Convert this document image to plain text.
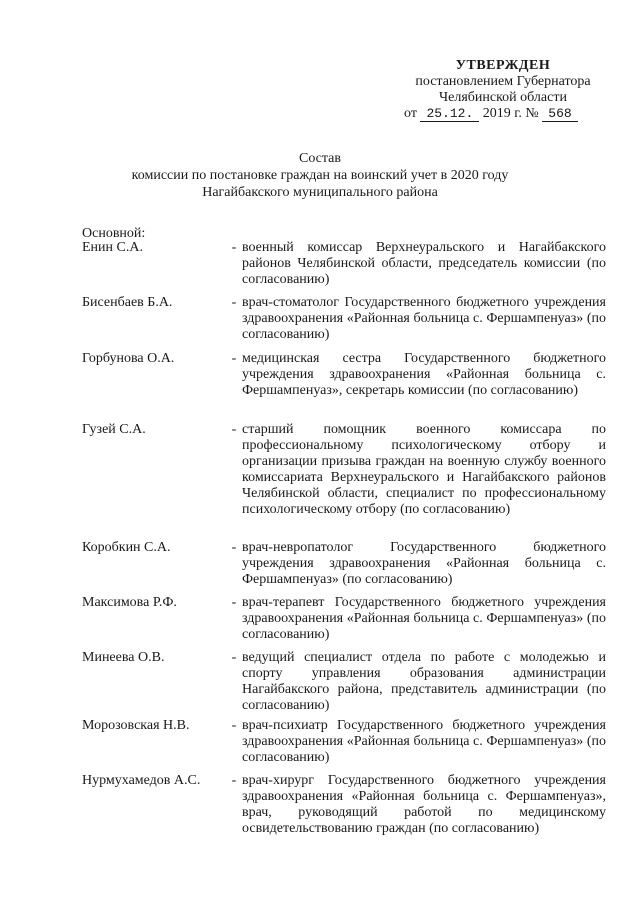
УТВЕРЖДЕН
постановлением Губернатора
Челябинской области
от 25.12. 2019 г. № 568
Состав
комиссии по постановке граждан на воинский учет в 2020 году
Нагайбакского муниципального района
Основной:
Енин С.А.	- военный комиссар Верхнеуральского и Нагайбакского районов Челябинской области, председатель комиссии (по согласованию)
Бисенбаев Б.А.	- врач-стоматолог Государственного бюджетного учреждения здравоохранения «Районная больница с. Фершампенуаз» (по согласованию)
Горбунова О.А.	- медицинская сестра Государственного бюджетного учреждения здравоохранения «Районная больница с. Фершампенуаз», секретарь комиссии (по согласованию)
Гузей С.А.	- старший помощник военного комиссара по профессиональному психологическому отбору и организации призыва граждан на военную службу военного комиссариата Верхнеуральского и Нагайбакского районов Челябинской области, специалист по профессиональному психологическому отбору (по согласованию)
Коробкин С.А.	- врач-невропатолог Государственного бюджетного учреждения здравоохранения «Районная больница с. Фершампенуаз» (по согласованию)
Максимова Р.Ф.	- врач-терапевт Государственного бюджетного учреждения здравоохранения «Районная больница с. Фершампенуаз» (по согласованию)
Минеева О.В.	- ведущий специалист отдела по работе с молодежью и спорту управления образования администрации Нагайбакского района, представитель администрации (по согласованию)
Морозовская Н.В.	- врач-психиатр Государственного бюджетного учреждения здравоохранения «Районная больница с. Фершампенуаз» (по согласованию)
Нурмухамедов А.С.	- врач-хирург Государственного бюджетного учреждения здравоохранения «Районная больница с. Фершампенуаз», врач, руководящий работой по медицинскому освидетельствованию граждан (по согласованию)
